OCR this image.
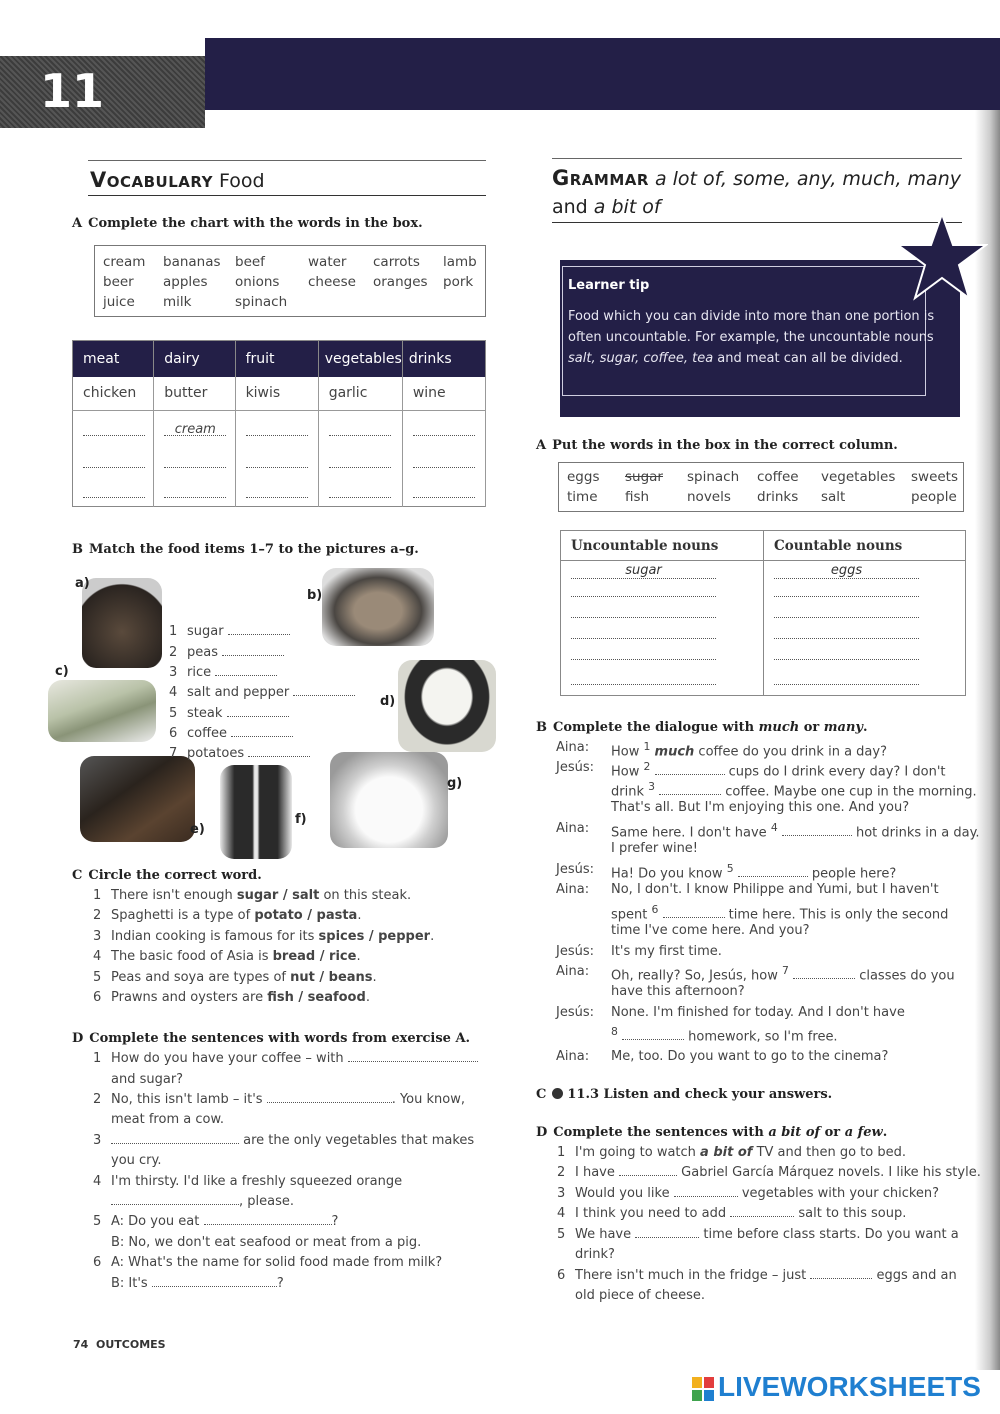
11
Vocabulary Food
A Complete the chart with the words in the box.
cream bananas beef	water carrots lamb
beer apples onions cheese oranges pork
juice milk	spinach
meat	dairy	fruit	vegetables	drinks
chicken	butter	kiwis	garlic	wine
	cream			

B Match the food items 1–7 to the pictures a–g.
a)
b)
c)
d)
e)
f)
g)
1 sugar
2 peas
3 rice
4 salt and pepper
5 steak
6 coffee
7 potatoes
C Circle the correct word.
1 There isn't enough sugar / salt on this steak.
2 Spaghetti is a type of potato / pasta.
3 Indian cooking is famous for its spices / pepper.
4 The basic food of Asia is bread / rice.
5 Peas and soya are types of nut / beans.
6 Prawns and oysters are fish / seafood.
D Complete the sentences with words from exercise A.
1 How do you have your coffee – with
and sugar?
2 No, this isn't lamb – it's	. You know,
meat from a cow.
3	are the only vegetables that makes
you cry.
4 I'm thirsty. I'd like a freshly squeezed orange
, please.
5 A: Do you eat	?
B: No, we don't eat seafood or meat from a pig.
6 A: What's the name for solid food made from milk?
B: It's	?
Grammar a lot of, some, any, much, many
and a bit of
Learner tip
Food which you can divide into more than one portion is often uncountable. For example, the uncountable nouns salt, sugar, coffee, tea and meat can all be divided.
A Put the words in the box in the correct column.
eggs sugar spinach coffee vegetables sweets
time fish	novels drinks salt	people
Uncountable nouns	Countable nouns
sugar	eggs

B Complete the dialogue with much or many.
Aina: How $^1$ much coffee do you drink in a day?
Jesús: How $^2$	cups do I drink every day? I don't
drink $^3$	coffee. Maybe one cup in the morning.
That's all. But I'm enjoying this one. And you?
Aina: Same here. I don't have $^4$	hot drinks in a day.
I prefer wine!
Jesús: Ha! Do you know $^5$	people here?
Aina: No, I don't. I know Philippe and Yumi, but I haven't
spent $^6$	time here. This is only the second
time I've come here. And you?
Jesús: It's my first time.
Aina: Oh, really? So, Jesús, how $^7$	classes do you
have this afternoon?
Jesús: None. I'm finished for today. And I don't have
$^8$	homework, so I'm free.
Aina: Me, too. Do you want to go to the cinema?
C 11.3 Listen and check your answers.
D Complete the sentences with a bit of or a few.
1 I'm going to watch a bit of TV and then go to bed.
2 I have	Gabriel García Márquez novels. I like his style.
3 Would you like	vegetables with your chicken?
4 I think you need to add	salt to this soup.
5 We have	time before class starts. Do you want a
drink?
6 There isn't much in the fridge – just	eggs and an
old piece of cheese.
74 OUTCOMES
LIVEWORKSHEETS
